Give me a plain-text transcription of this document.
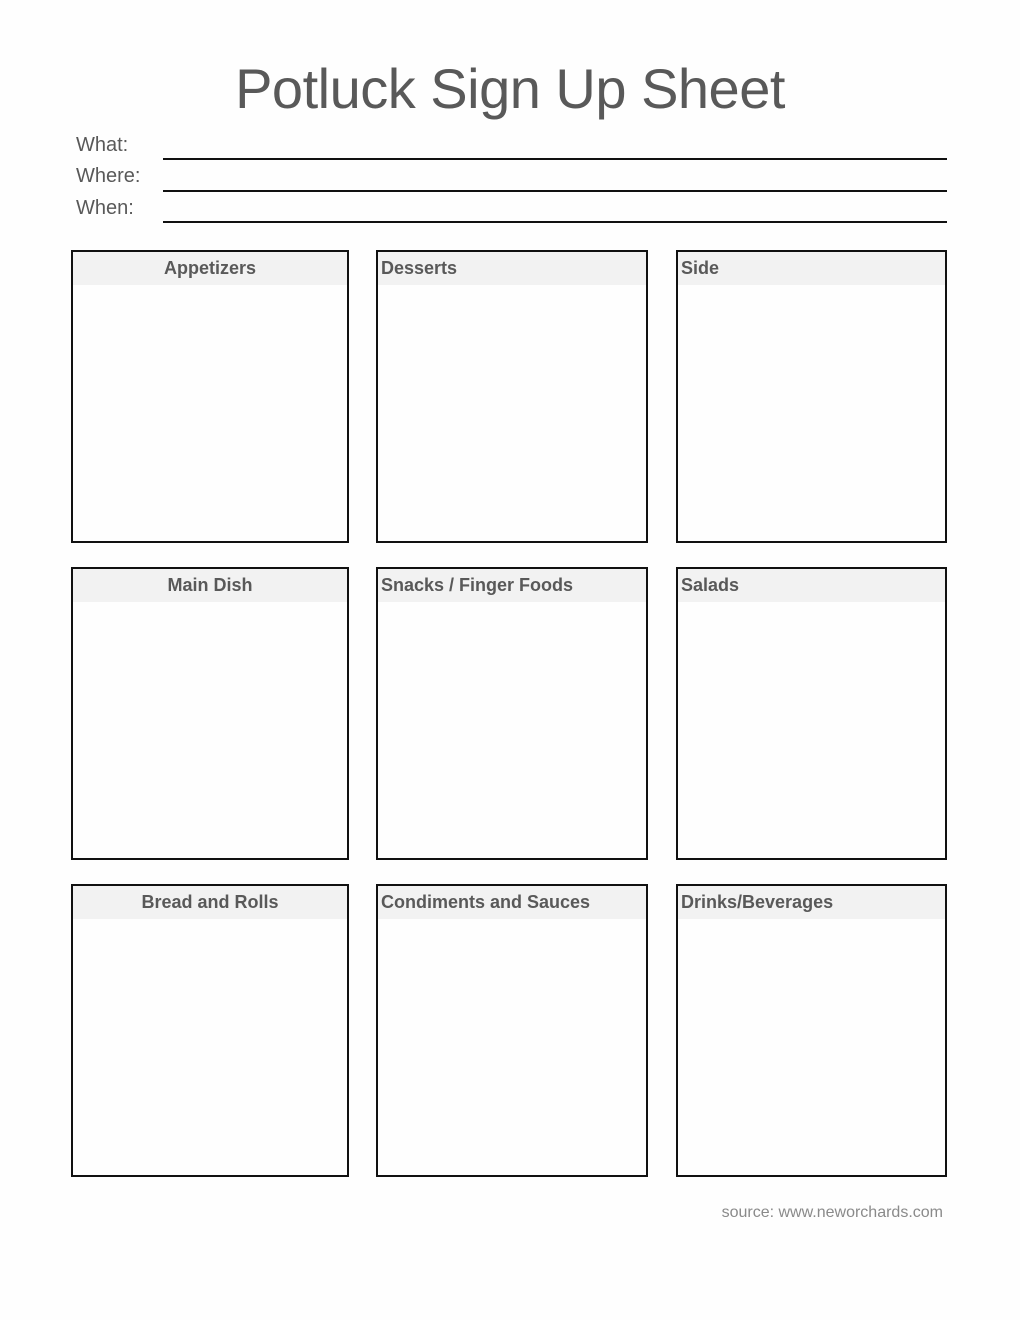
Potluck Sign Up Sheet
What:
Where:
When:
Appetizers	Desserts	Side
Main Dish	Snacks / Finger Foods	Salads
Bread and Rolls	Condiments and Sauces	Drinks/Beverages
source: www.neworchards.com
